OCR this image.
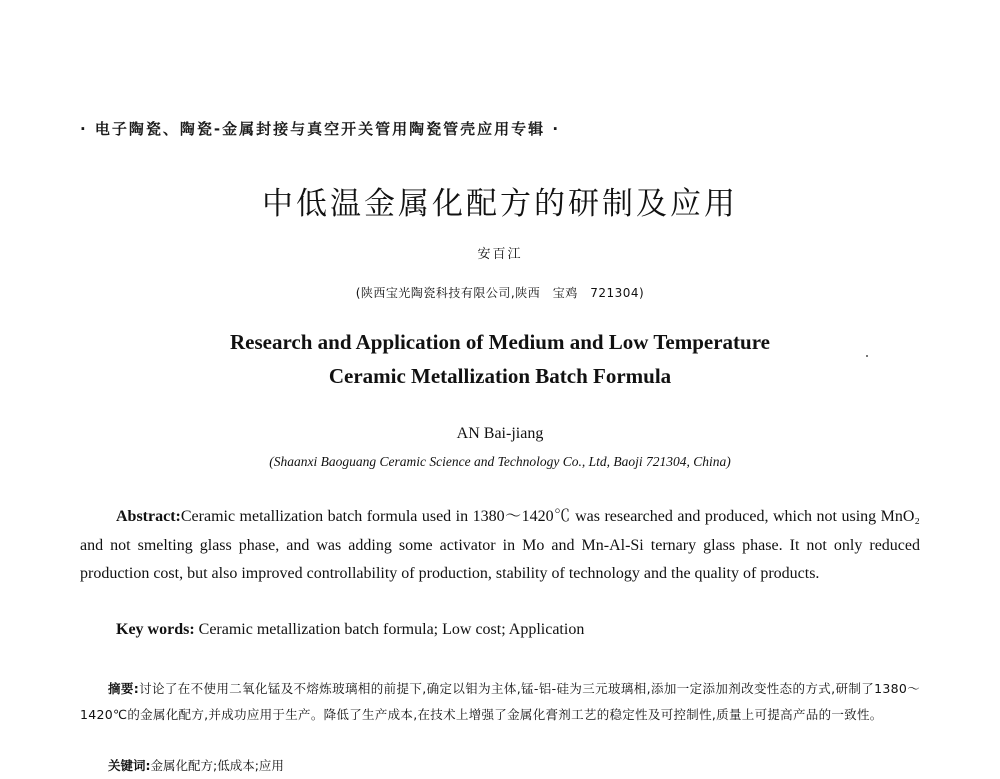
· 电子陶瓷、陶瓷-金属封接与真空开关管用陶瓷管壳应用专辑 ·
中低温金属化配方的研制及应用
安百江
(陕西宝光陶瓷科技有限公司,陕西　宝鸡　721304)
Research and Application of Medium and Low Temperature
Ceramic Metallization Batch Formula
AN Bai-jiang
(Shaanxi Baoguang Ceramic Science and Technology Co., Ltd, Baoji 721304, China)
Abstract:Ceramic metallization batch formula used in 1380～1420℃ was researched and produced, which not using MnO₂ and not smelting glass phase, and was adding some activator in Mo and Mn-Al-Si ternary glass phase. It not only reduced production cost, but also improved controllability of production, stability of technology and the quality of products.
Key words: Ceramic metallization batch formula; Low cost; Application
摘要:讨论了在不使用二氧化锰及不熔炼玻璃相的前提下,确定以钼为主体,锰-铝-硅为三元玻璃相,添加一定添加剂改变性态的方式,研制了1380～1420℃的金属化配方,并成功应用于生产。降低了生产成本,在技术上增强了金属化膏剂工艺的稳定性及可控制性,质量上可提高产品的一致性。
关键词:金属化配方;低成本;应用
